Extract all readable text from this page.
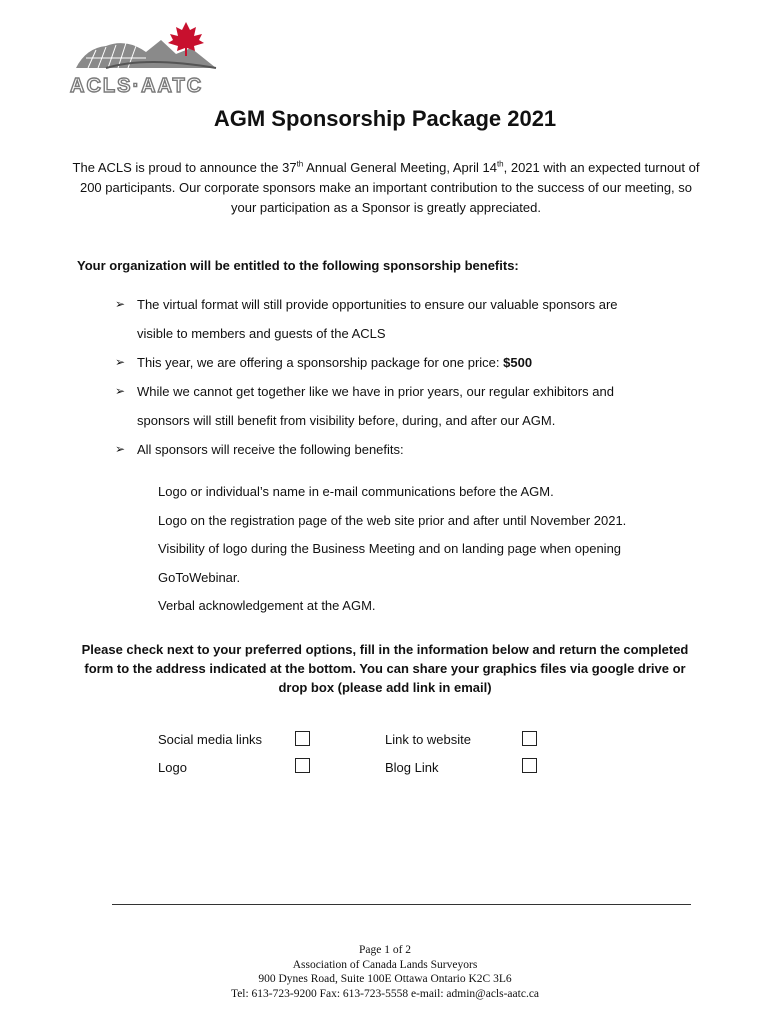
ACLS·AATC
AGM Sponsorship Package 2021

The ACLS is proud to announce the 37th Annual General Meeting, April 14th, 2021 with an expected turnout of 200 participants. Our corporate sponsors make an important contribution to the success of our meeting, so your participation as a Sponsor is greatly appreciated.

Your organization will be entitled to the following sponsorship benefits:

➢ The virtual format will still provide opportunities to ensure our valuable sponsors are
visible to members and guests of the ACLS
➢ This year, we are offering a sponsorship package for one price: $500
➢ While we cannot get together like we have in prior years, our regular exhibitors and
sponsors will still benefit from visibility before, during, and after our AGM.
➢ All sponsors will receive the following benefits:
Logo or individual’s name in e-mail communications before the AGM.
Logo on the registration page of the web site prior and after until November 2021.
Visibility of logo during the Business Meeting and on landing page when opening
GoToWebinar.
Verbal acknowledgement at the AGM.

Please check next to your preferred options, fill in the information below and return the completed form to the address indicated at the bottom. You can share your graphics files via google drive or drop box (please add link in email)

Social media links	Link to website
Logo	Blog Link
Page 1 of 2
Association of Canada Lands Surveyors
900 Dynes Road, Suite 100E Ottawa Ontario K2C 3L6
Tel: 613-723-9200 Fax: 613-723-5558 e-mail: admin@acls-aatc.ca
